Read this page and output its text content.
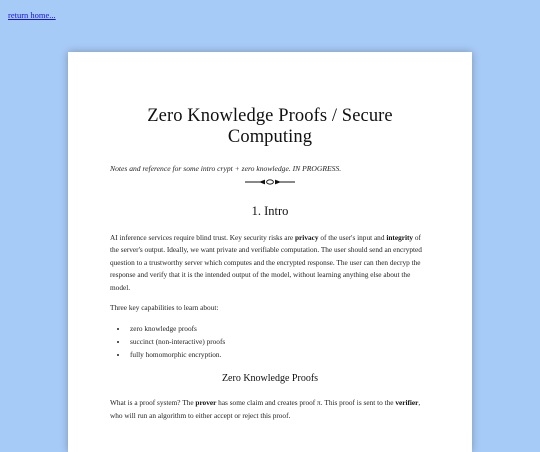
return home...
Zero Knowledge Proofs / Secure Computing

Notes and reference for some intro crypt + zero knowledge. IN PROGRESS.

1. Intro

AI inference services require blind trust. Key security risks are privacy of the user's input and integrity of the server's output. Ideally, we want private and verifiable computation. The user should send an encrypted question to a trustworthy server which computes and the encrypted response. The user can then decryp the response and verify that it is the intended output of the model, without learning anything else about the model.

Three key capabilities to learn about:

• zero knowledge proofs
• succinct (non-interactive) proofs
• fully homomorphic encryption.
Zero Knowledge Proofs

What is a proof system? The prover has some claim and creates proof π. This proof is sent to the verifier, who will run an algorithm to either accept or reject this proof.
